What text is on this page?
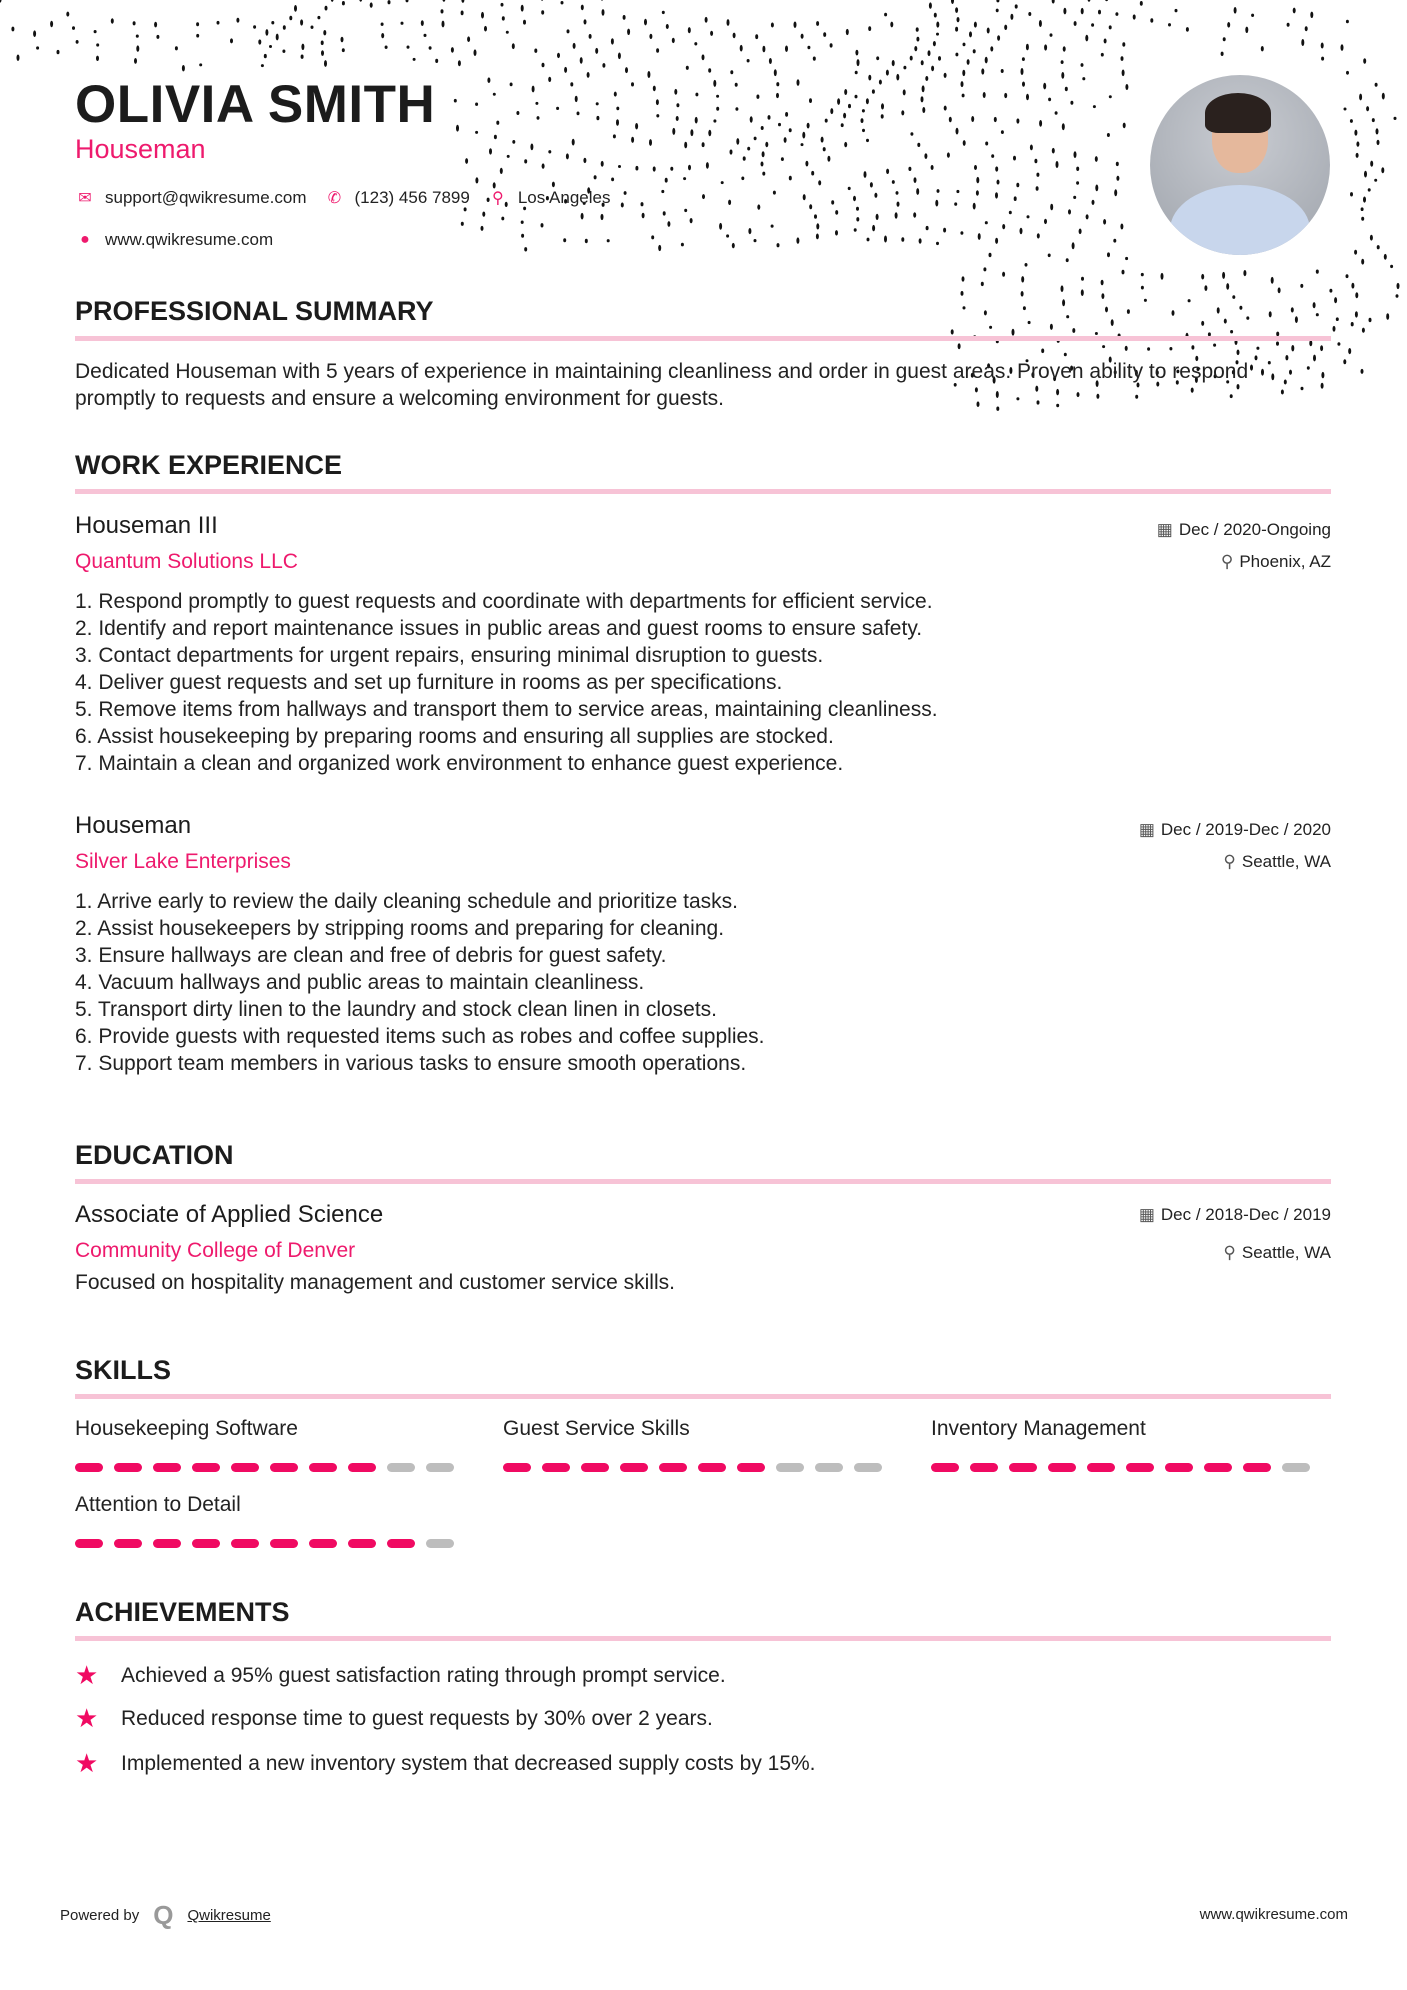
OLIVIA SMITH
Houseman
✉ support@qwikresume.com ✆ (123) 456 7899 ⚲ Los Angeles
● www.qwikresume.com
PROFESSIONAL SUMMARY
Dedicated Houseman with 5 years of experience in maintaining cleanliness and order in guest areas. Proven ability to respond promptly to requests and ensure a welcoming environment for guests.
WORK EXPERIENCE
Houseman III
Quantum Solutions LLC
▦ Dec / 2020-Ongoing
⚲ Phoenix, AZ
1. Respond promptly to guest requests and coordinate with departments for efficient service.
2. Identify and report maintenance issues in public areas and guest rooms to ensure safety.
3. Contact departments for urgent repairs, ensuring minimal disruption to guests.
4. Deliver guest requests and set up furniture in rooms as per specifications.
5. Remove items from hallways and transport them to service areas, maintaining cleanliness.
6. Assist housekeeping by preparing rooms and ensuring all supplies are stocked.
7. Maintain a clean and organized work environment to enhance guest experience.
Houseman
Silver Lake Enterprises
▦ Dec / 2019-Dec / 2020
⚲ Seattle, WA
1. Arrive early to review the daily cleaning schedule and prioritize tasks.
2. Assist housekeepers by stripping rooms and preparing for cleaning.
3. Ensure hallways are clean and free of debris for guest safety.
4. Vacuum hallways and public areas to maintain cleanliness.
5. Transport dirty linen to the laundry and stock clean linen in closets.
6. Provide guests with requested items such as robes and coffee supplies.
7. Support team members in various tasks to ensure smooth operations.
EDUCATION
Associate of Applied Science
Community College of Denver
Focused on hospitality management and customer service skills.
▦ Dec / 2018-Dec / 2019
⚲ Seattle, WA
SKILLS
Housekeeping Software	Guest Service Skills	Inventory Management
Attention to Detail
ACHIEVEMENTS
★	Achieved a 95% guest satisfaction rating through prompt service.
★	Reduced response time to guest requests by 30% over 2 years.
★	Implemented a new inventory system that decreased supply costs by 15%.
Powered by Q Qwikresume	www.qwikresume.com
